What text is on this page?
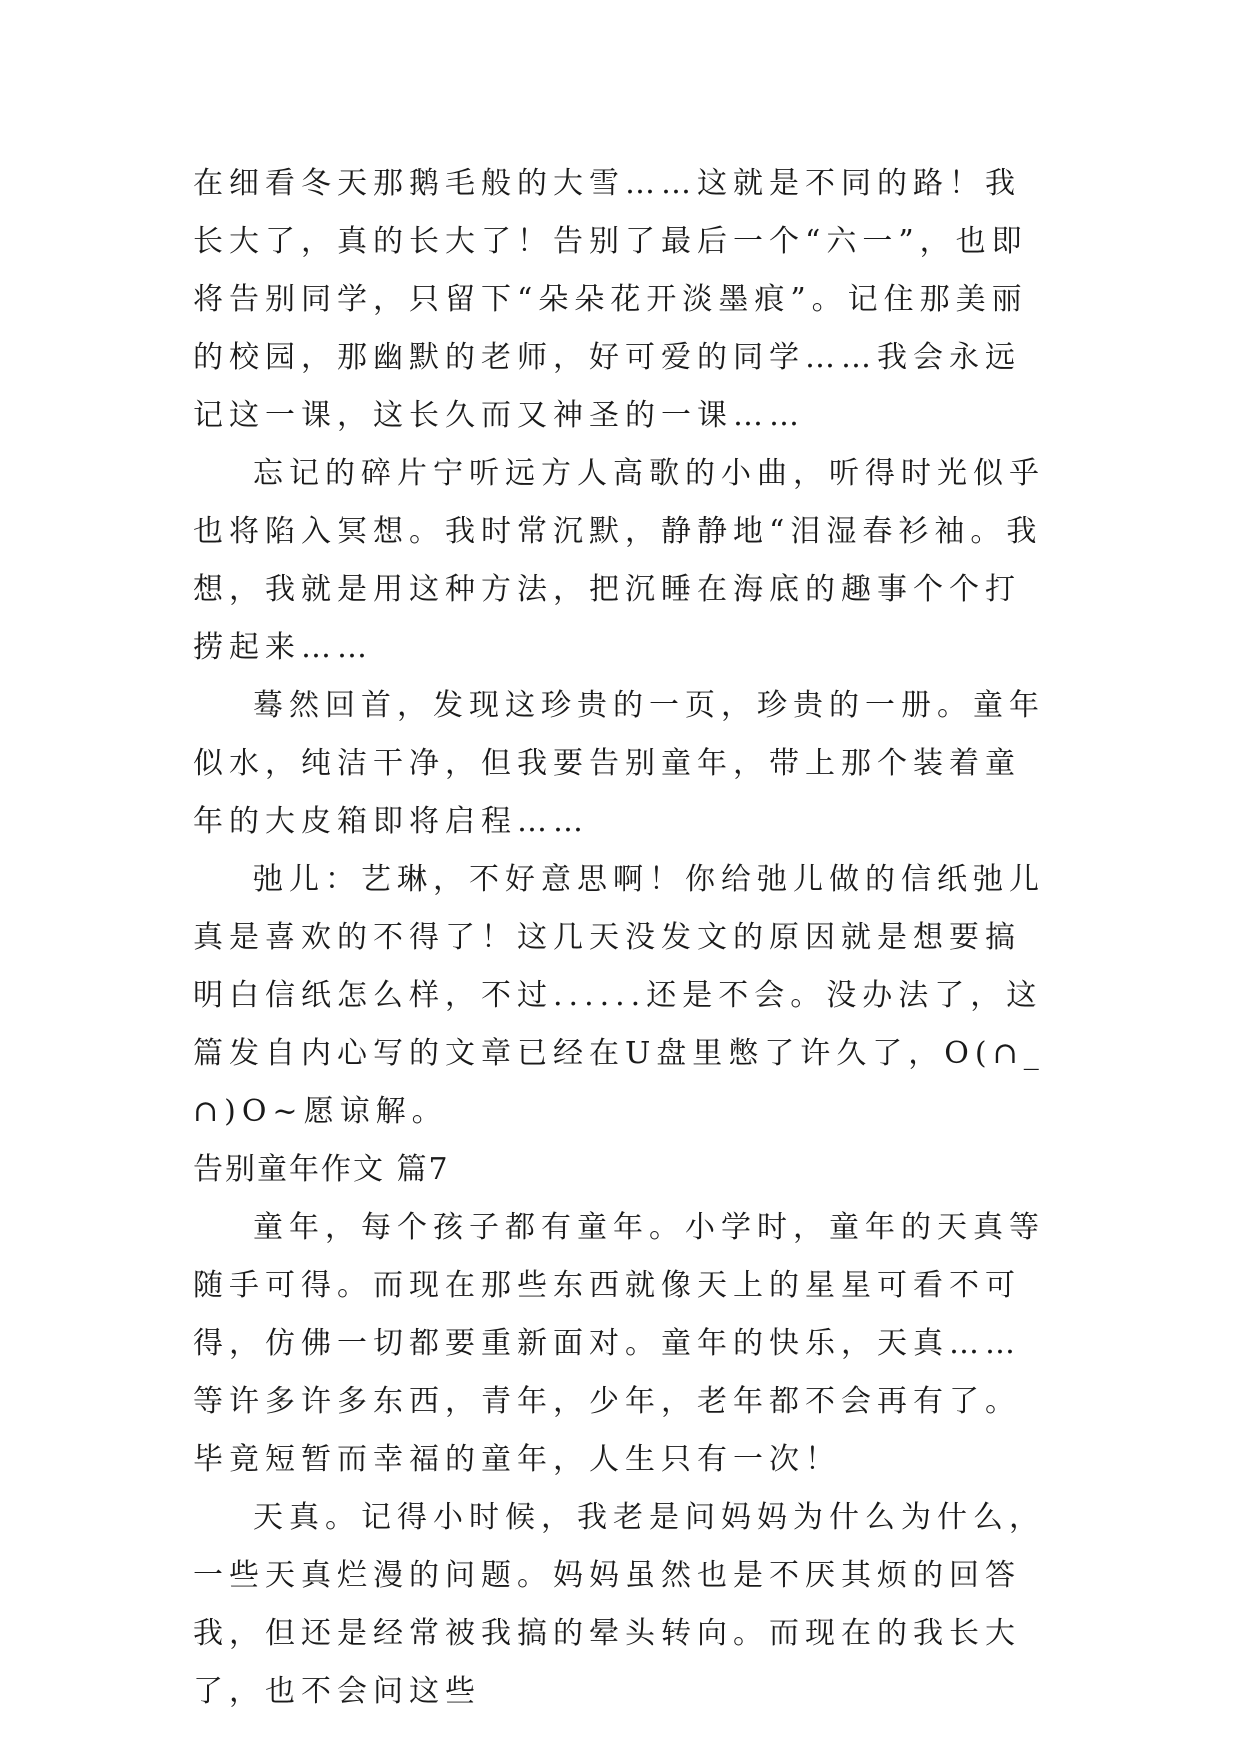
在细看冬天那鹅毛般的大雪……这就是不同的路！我长大了，真的长大了！告别了最后一个“六一”，也即将告别同学，只留下“朵朵花开淡墨痕”。记住那美丽的校园，那幽默的老师，好可爱的同学……我会永远记这一课，这长久而又神圣的一课……

忘记的碎片宁听远方人高歌的小曲，听得时光似乎也将陷入冥想。我时常沉默，静静地“泪湿春衫袖。我想，我就是用这种方法，把沉睡在海底的趣事个个打捞起来……

蓦然回首，发现这珍贵的一页，珍贵的一册。童年似水，纯洁干净，但我要告别童年，带上那个装着童年的大皮箱即将启程……

弛儿：艺琳，不好意思啊！你给弛儿做的信纸弛儿真是喜欢的不得了！这几天没发文的原因就是想要搞明白信纸怎么样，不过......还是不会。没办法了，这篇发自内心写的文章已经在U盘里憋了许久了，O(∩_∩)O~愿谅解。

告别童年作文 篇7

童年，每个孩子都有童年。小学时，童年的天真等随手可得。而现在那些东西就像天上的星星可看不可得，仿佛一切都要重新面对。童年的快乐，天真……等许多许多东西，青年，少年，老年都不会再有了。毕竟短暂而幸福的童年，人生只有一次！

天真。记得小时候，我老是问妈妈为什么为什么，一些天真烂漫的问题。妈妈虽然也是不厌其烦的回答我，但还是经常被我搞的晕头转向。而现在的我长大了，也不会问这些
